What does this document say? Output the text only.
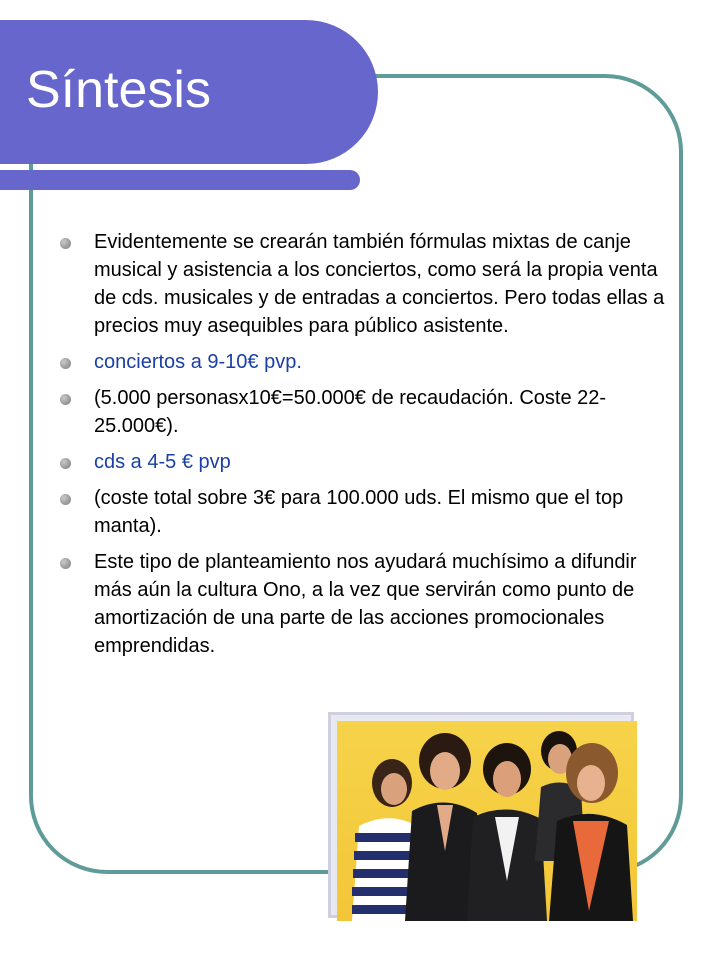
Síntesis
Evidentemente se crearán también fórmulas mixtas de canje musical y asistencia a los conciertos, como será la propia venta de cds. musicales y de entradas a conciertos. Pero todas ellas a precios muy asequibles para público asistente.
conciertos a 9-10€ pvp.
(5.000 personasx10€=50.000€ de recaudación. Coste 22-25.000€).
cds a 4-5 € pvp
(coste total sobre 3€ para 100.000 uds. El mismo que el top manta).
Este tipo de planteamiento nos ayudará muchísimo a difundir más aún la cultura Ono, a la vez que servirán como punto de amortización de una parte de las acciones promocionales emprendidas.
